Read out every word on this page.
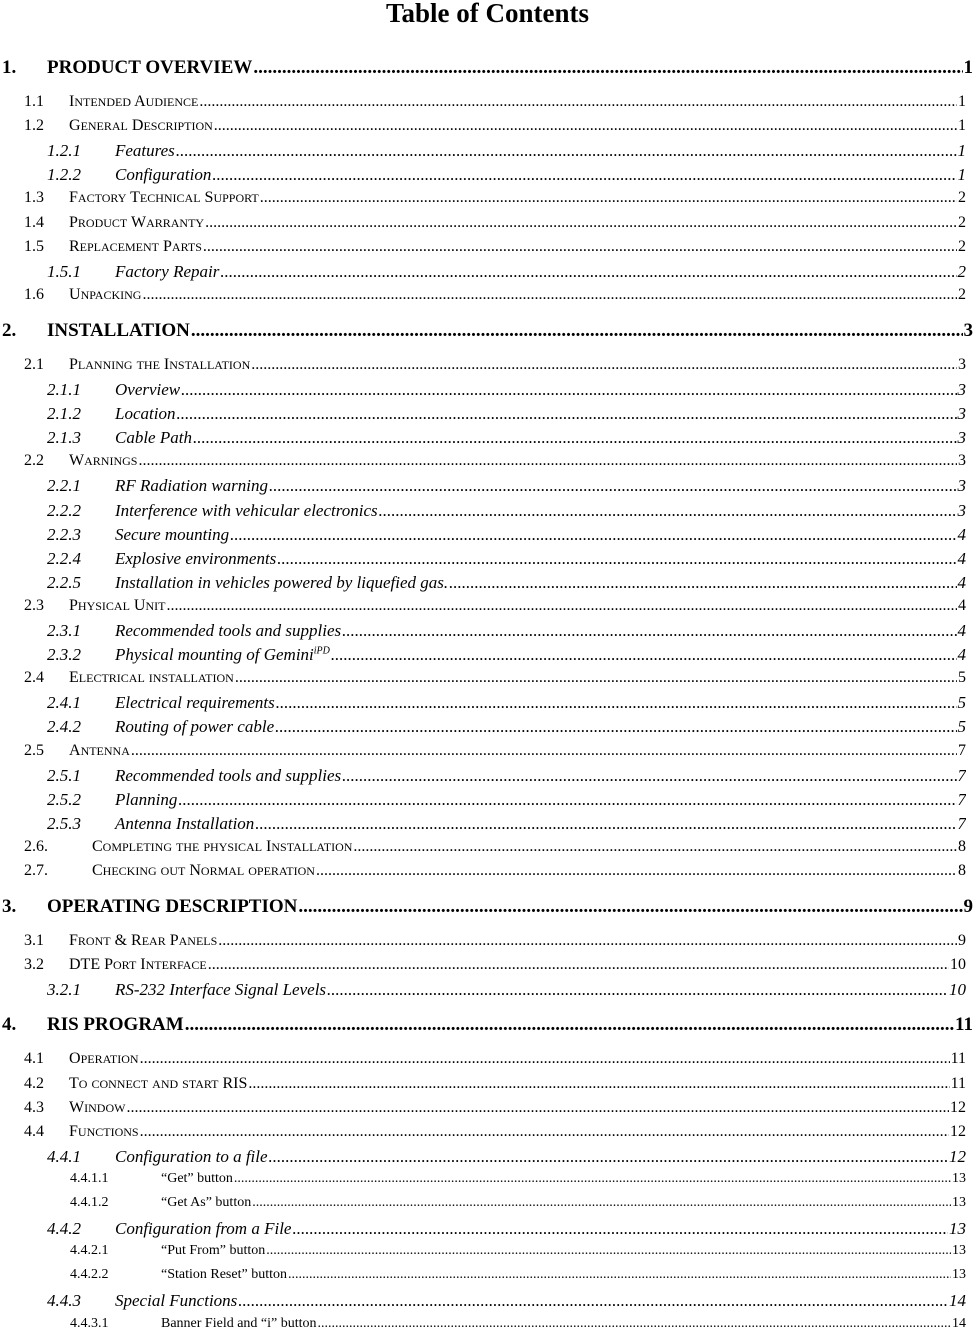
Table of Contents
1.	PRODUCT OVERVIEW .....	1
1.1	INTENDED AUDIENCE .....	1
1.2	GENERAL DESCRIPTION .....	1
1.2.1	Features .....	1
1.2.2	Configuration .....	1
1.3	FACTORY TECHNICAL SUPPORT .....	2
1.4	PRODUCT WARRANTY .....	2
1.5	REPLACEMENT PARTS .....	2
1.5.1	Factory Repair .....	2
1.6	UNPACKING .....	2
2.	INSTALLATION .....	3
2.1	PLANNING THE INSTALLATION .....	3
2.1.1	Overview .....	3
2.1.2	Location .....	3
2.1.3	Cable Path .....	3
2.2	WARNINGS .....	3
2.2.1	RF Radiation warning .....	3
2.2.2	Interference with vehicular electronics .....	3
2.2.3	Secure mounting .....	4
2.2.4	Explosive environments .....	4
2.2.5	Installation in vehicles powered by liquefied gas. .....	4
2.3	PHYSICAL UNIT .....	4
2.3.1	Recommended tools and supplies .....	4
2.3.2	Physical mounting of Gemini$^{iPD}$ .....	4
2.4	ELECTRICAL INSTALLATION .....	5
2.4.1	Electrical requirements .....	5
2.4.2	Routing of power cable .....	5
2.5	ANTENNA .....	7
2.5.1	Recommended tools and supplies .....	7
2.5.2	Planning .....	7
2.5.3	Antenna Installation .....	7
2.6.	COMPLETING THE PHYSICAL INSTALLATION .....	8
2.7.	CHECKING OUT NORMAL OPERATION .....	8
3.	OPERATING DESCRIPTION .....	9
3.1	FRONT & REAR PANELS .....	9
3.2	DTE PORT INTERFACE .....	10
3.2.1	RS-232 Interface Signal Levels .....	10
4.	RIS PROGRAM .....	11
4.1	OPERATION .....	11
4.2	TO CONNECT AND START RIS .....	11
4.3	WINDOW .....	12
4.4	FUNCTIONS .....	12
4.4.1	Configuration to a file .....	12
4.4.1.1	“Get” button .....	13
4.4.1.2	“Get As” button .....	13
4.4.2	Configuration from a File .....	13
4.4.2.1	“Put From” button .....	13
4.4.2.2	“Station Reset” button .....	13
4.4.3	Special Functions .....	14
4.4.3.1	Banner Field and “i” button .....	14
